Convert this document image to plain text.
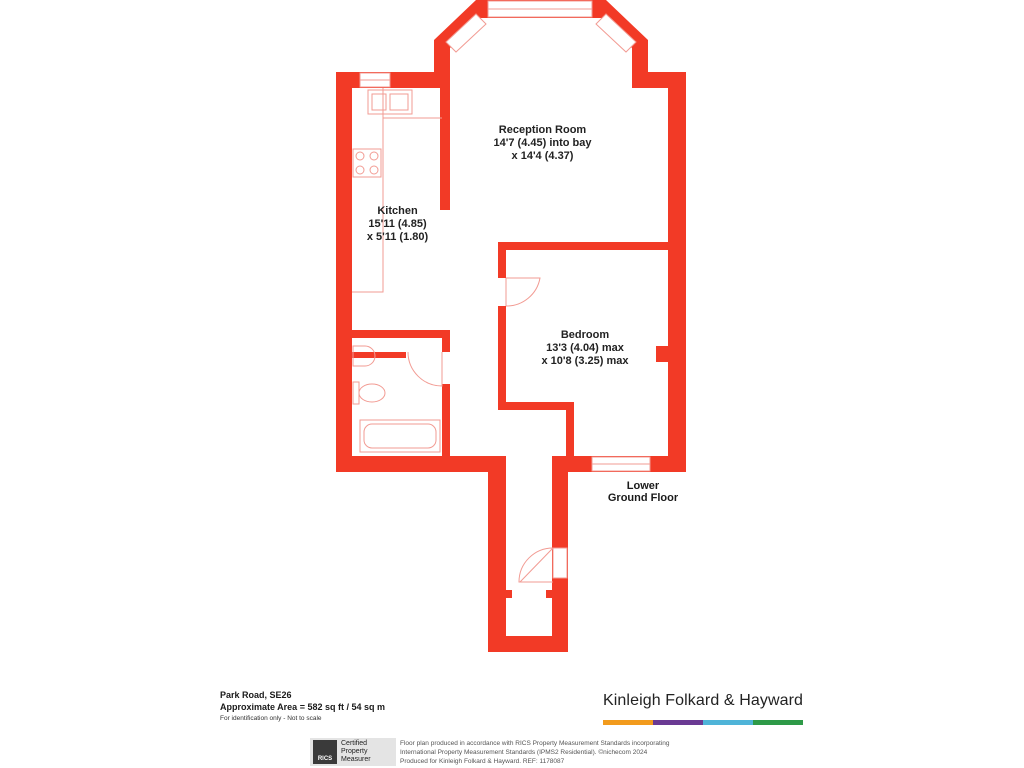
Reception Room
14'7 (4.45) into bay
x 14'4 (4.37)
Kitchen
15'11 (4.85)
x 5'11 (1.80)
Bedroom
13'3 (4.04) max
x 10'8 (3.25) max
Lower
Ground Floor
Park Road, SE26
Approximate Area = 582 sq ft / 54 sq m
For identification only - Not to scale
Kinleigh Folkard & Hayward
RICS
Certified
Property
Measurer
Floor plan produced in accordance with RICS Property Measurement Standards incorporating
International Property Measurement Standards (IPMS2 Residential). ©nichecom 2024
Produced for Kinleigh Folkard & Hayward. REF: 1178087
